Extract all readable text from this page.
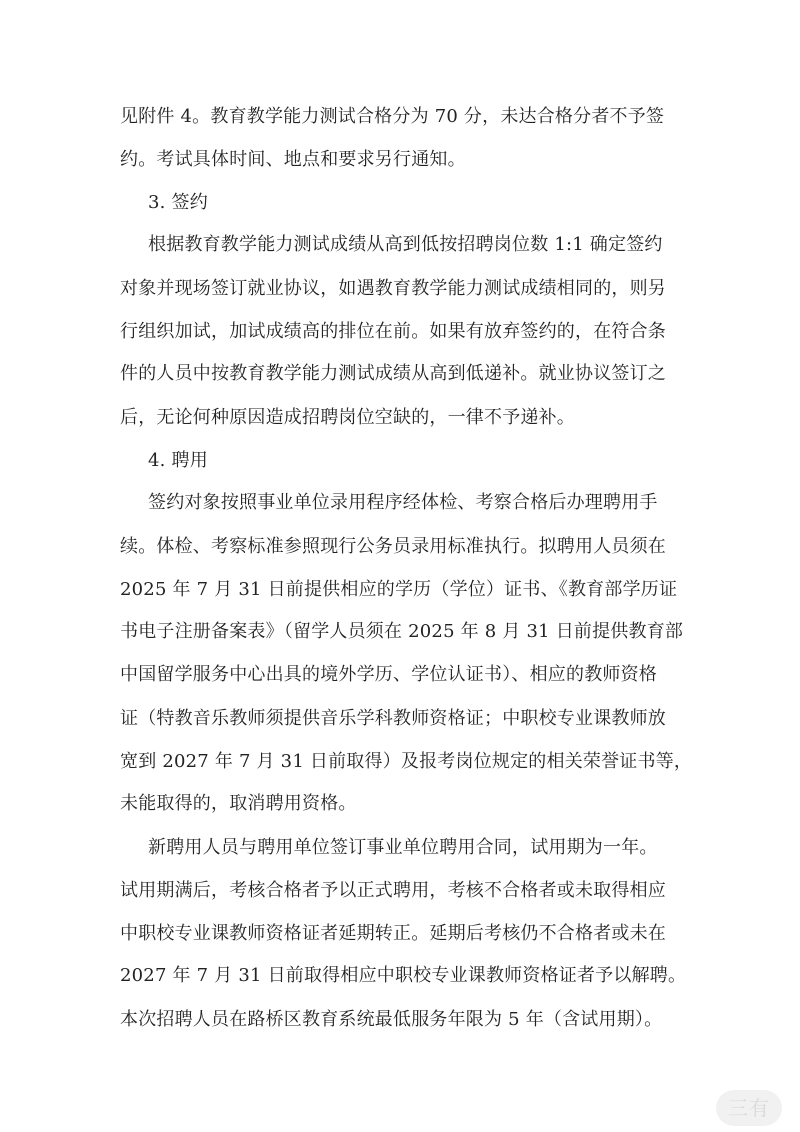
见附件 4。教育教学能力测试合格分为 70 分，未达合格分者不予签
约。考试具体时间、地点和要求另行通知。
3. 签约
根据教育教学能力测试成绩从高到低按招聘岗位数 1:1 确定签约
对象并现场签订就业协议，如遇教育教学能力测试成绩相同的，则另
行组织加试，加试成绩高的排位在前。如果有放弃签约的，在符合条
件的人员中按教育教学能力测试成绩从高到低递补。就业协议签订之
后，无论何种原因造成招聘岗位空缺的，一律不予递补。
4. 聘用
签约对象按照事业单位录用程序经体检、考察合格后办理聘用手
续。体检、考察标准参照现行公务员录用标准执行。拟聘用人员须在
2025 年 7 月 31 日前提供相应的学历（学位）证书、《教育部学历证
书电子注册备案表》（留学人员须在 2025 年 8 月 31 日前提供教育部
中国留学服务中心出具的境外学历、学位认证书）、相应的教师资格
证（特教音乐教师须提供音乐学科教师资格证；中职校专业课教师放
宽到 2027 年 7 月 31 日前取得）及报考岗位规定的相关荣誉证书等，
未能取得的，取消聘用资格。
新聘用人员与聘用单位签订事业单位聘用合同，试用期为一年。
试用期满后，考核合格者予以正式聘用，考核不合格者或未取得相应
中职校专业课教师资格证者延期转正。延期后考核仍不合格者或未在
2027 年 7 月 31 日前取得相应中职校专业课教师资格证者予以解聘。
本次招聘人员在路桥区教育系统最低服务年限为 5 年（含试用期）。
三有
